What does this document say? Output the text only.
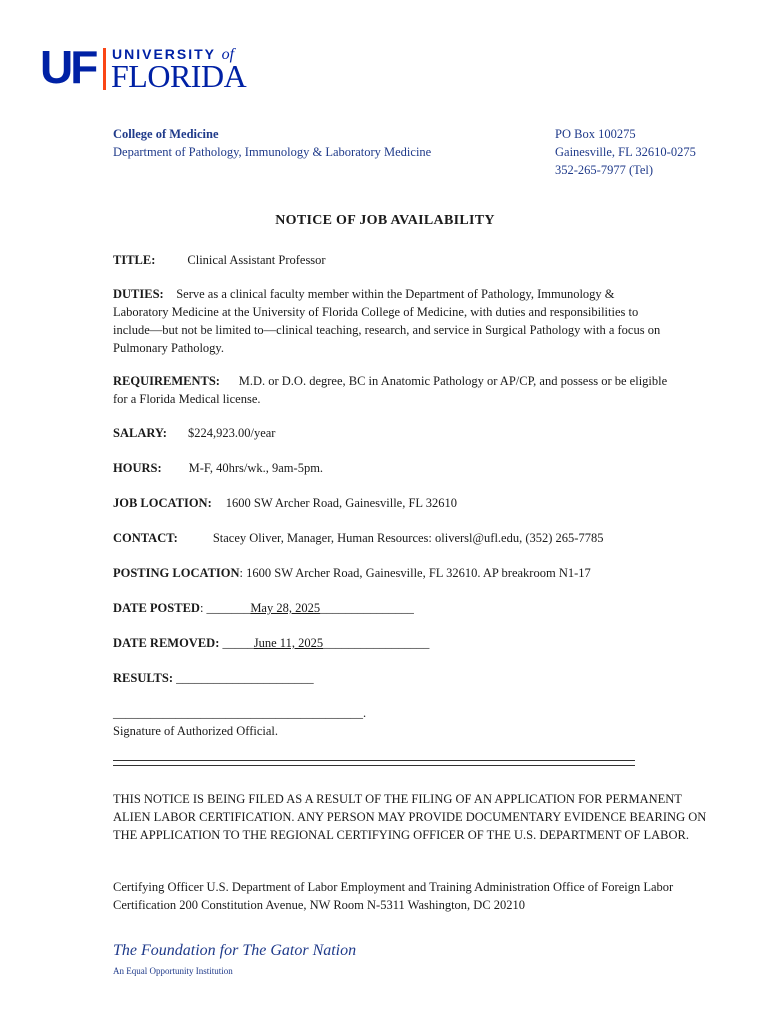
UF UNIVERSITY of
FLORIDA
College of Medicine
Department of Pathology, Immunology & Laboratory Medicine
PO Box 100275
Gainesville, FL 32610-0275
352-265-7977 (Tel)
NOTICE OF JOB AVAILABILITY
TITLE:	Clinical Assistant Professor
DUTIES: Serve as a clinical faculty member within the Department of Pathology, Immunology & Laboratory Medicine at the University of Florida College of Medicine, with duties and responsibilities to include—but not be limited to—clinical teaching, research, and service in Surgical Pathology with a focus on Pulmonary Pathology.
REQUIREMENTS: M.D. or D.O. degree, BC in Anatomic Pathology or AP/CP, and possess or be eligible for a Florida Medical license.
SALARY: $224,923.00/year
HOURS: M-F, 40hrs/wk., 9am-5pm.
JOB LOCATION: 1600 SW Archer Road, Gainesville, FL 32610
CONTACT:	Stacey Oliver, Manager, Human Resources: oliversl@ufl.edu, (352) 265-7785
POSTING LOCATION: 1600 SW Archer Road, Gainesville, FL 32610. AP breakroom N1-17
DATE POSTED: _______May 28, 2025_______________
DATE REMOVED: _____June 11, 2025_________________
RESULTS: ______________________
________________________________________.
Signature of Authorized Official.
THIS NOTICE IS BEING FILED AS A RESULT OF THE FILING OF AN APPLICATION FOR PERMANENT ALIEN LABOR CERTIFICATION. ANY PERSON MAY PROVIDE DOCUMENTARY EVIDENCE BEARING ON THE APPLICATION TO THE REGIONAL CERTIFYING OFFICER OF THE U.S. DEPARTMENT OF LABOR.
Certifying Officer U.S. Department of Labor Employment and Training Administration Office of Foreign Labor Certification 200 Constitution Avenue, NW Room N-5311 Washington, DC 20210
The Foundation for The Gator Nation
An Equal Opportunity Institution
